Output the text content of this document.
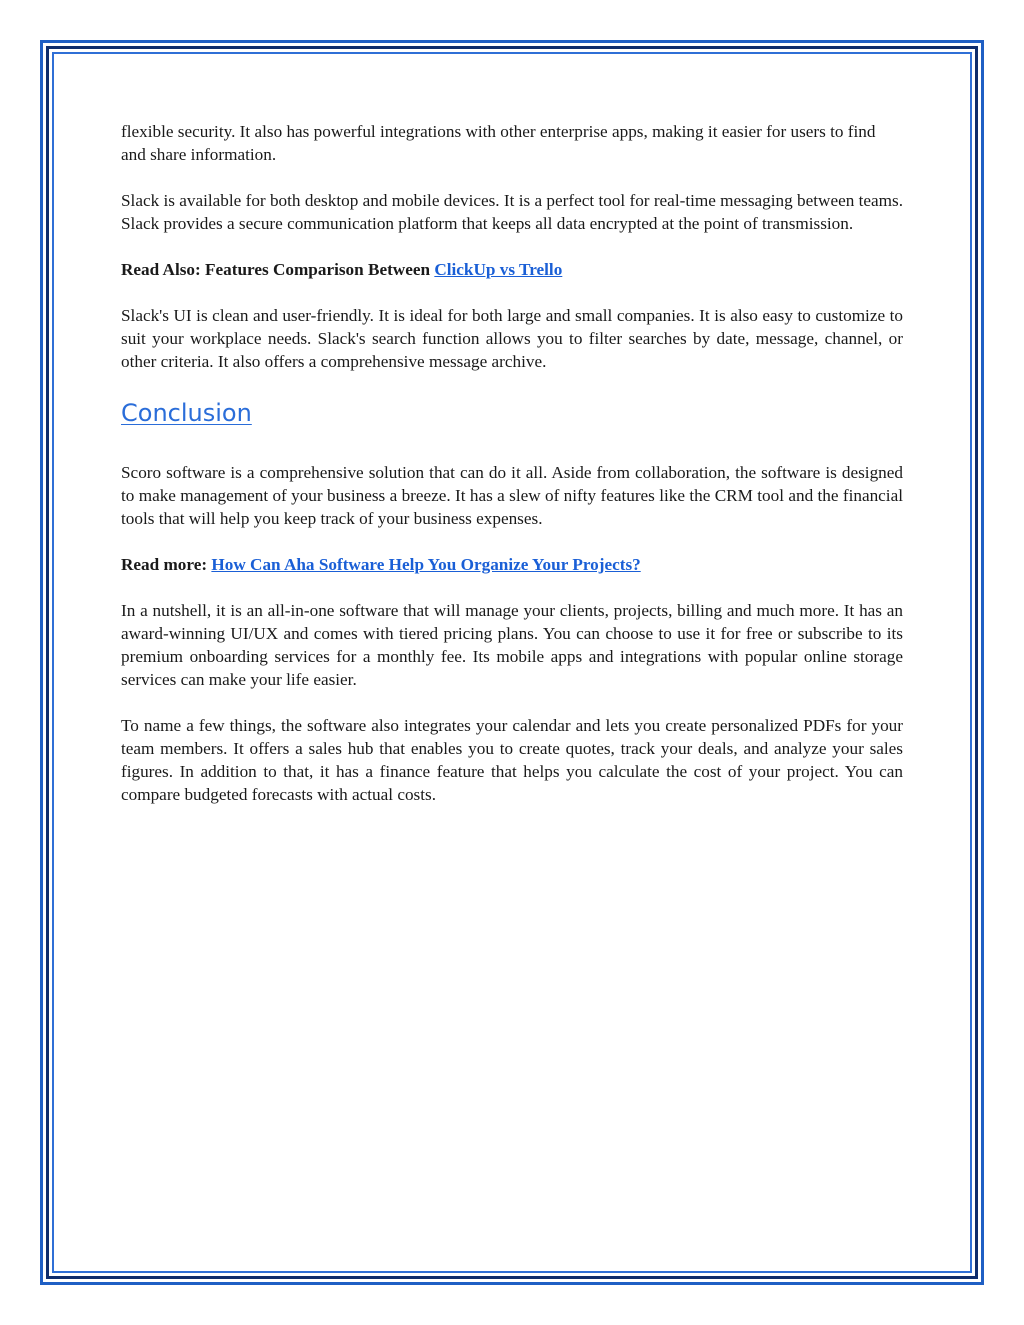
flexible security. It also has powerful integrations with other enterprise apps, making it easier for users to find and share information.

Slack is available for both desktop and mobile devices. It is a perfect tool for real-time messaging between teams. Slack provides a secure communication platform that keeps all data encrypted at the point of transmission.

Read Also: Features Comparison Between ClickUp vs Trello

Slack's UI is clean and user-friendly. It is ideal for both large and small companies. It is also easy to customize to suit your workplace needs. Slack's search function allows you to filter searches by date, message, channel, or other criteria. It also offers a comprehensive message archive.

Conclusion

Scoro software is a comprehensive solution that can do it all. Aside from collaboration, the software is designed to make management of your business a breeze. It has a slew of nifty features like the CRM tool and the financial tools that will help you keep track of your business expenses.

Read more: How Can Aha Software Help You Organize Your Projects?

In a nutshell, it is an all-in-one software that will manage your clients, projects, billing and much more. It has an award-winning UI/UX and comes with tiered pricing plans. You can choose to use it for free or subscribe to its premium onboarding services for a monthly fee. Its mobile apps and integrations with popular online storage services can make your life easier.

To name a few things, the software also integrates your calendar and lets you create personalized PDFs for your team members. It offers a sales hub that enables you to create quotes, track your deals, and analyze your sales figures. In addition to that, it has a finance feature that helps you calculate the cost of your project. You can compare budgeted forecasts with actual costs.
